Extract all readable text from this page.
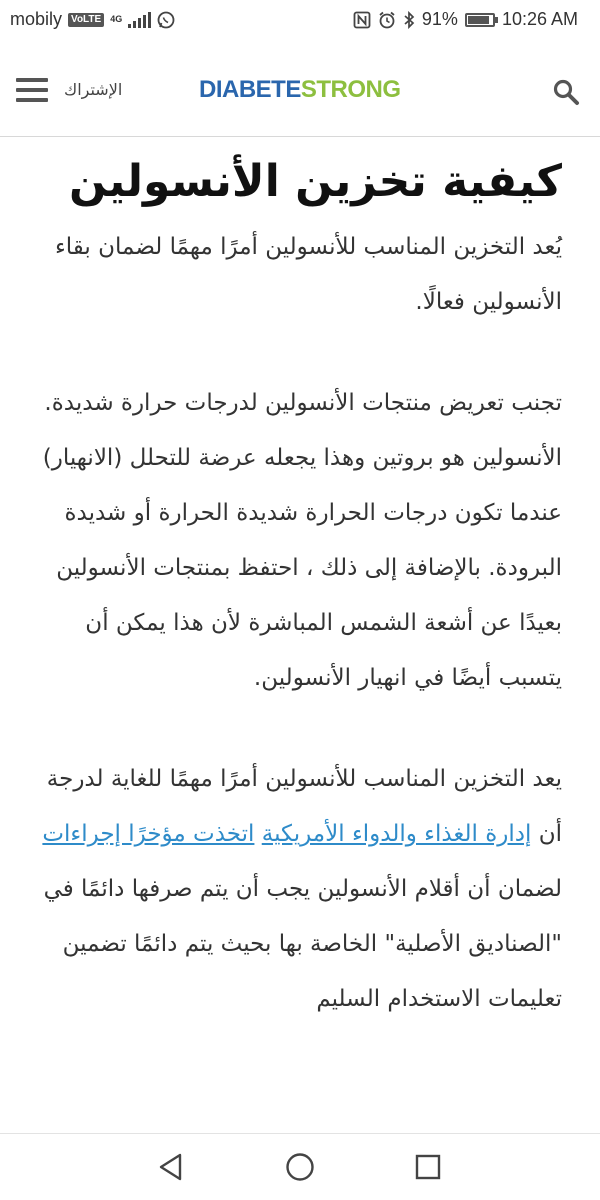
mobily VoLTE	4G	91% 10:26 AM
الإشتراك	DIABETESTRONG
كيفية تخزين الأنسولين

يُعد التخزين المناسب للأنسولين أمرًا مهمًا لضمان بقاء الأنسولين فعالًا.

تجنب تعريض منتجات الأنسولين لدرجات حرارة شديدة. الأنسولين هو بروتين وهذا يجعله عرضة للتحلل (الانهيار) عندما تكون درجات الحرارة شديدة الحرارة أو شديدة البرودة. بالإضافة إلى ذلك ، احتفظ بمنتجات الأنسولين بعيدًا عن أشعة الشمس المباشرة لأن هذا يمكن أن يتسبب أيضًا في انهيار الأنسولين.

يعد التخزين المناسب للأنسولين أمرًا مهمًا للغاية لدرجة أن إدارة الغذاء والدواء الأمريكية اتخذت مؤخرًا إجراءات لضمان أن أقلام الأنسولين يجب أن يتم صرفها دائمًا في "الصناديق الأصلية" الخاصة بها بحيث يتم دائمًا تضمين تعليمات الاستخدام السليم
